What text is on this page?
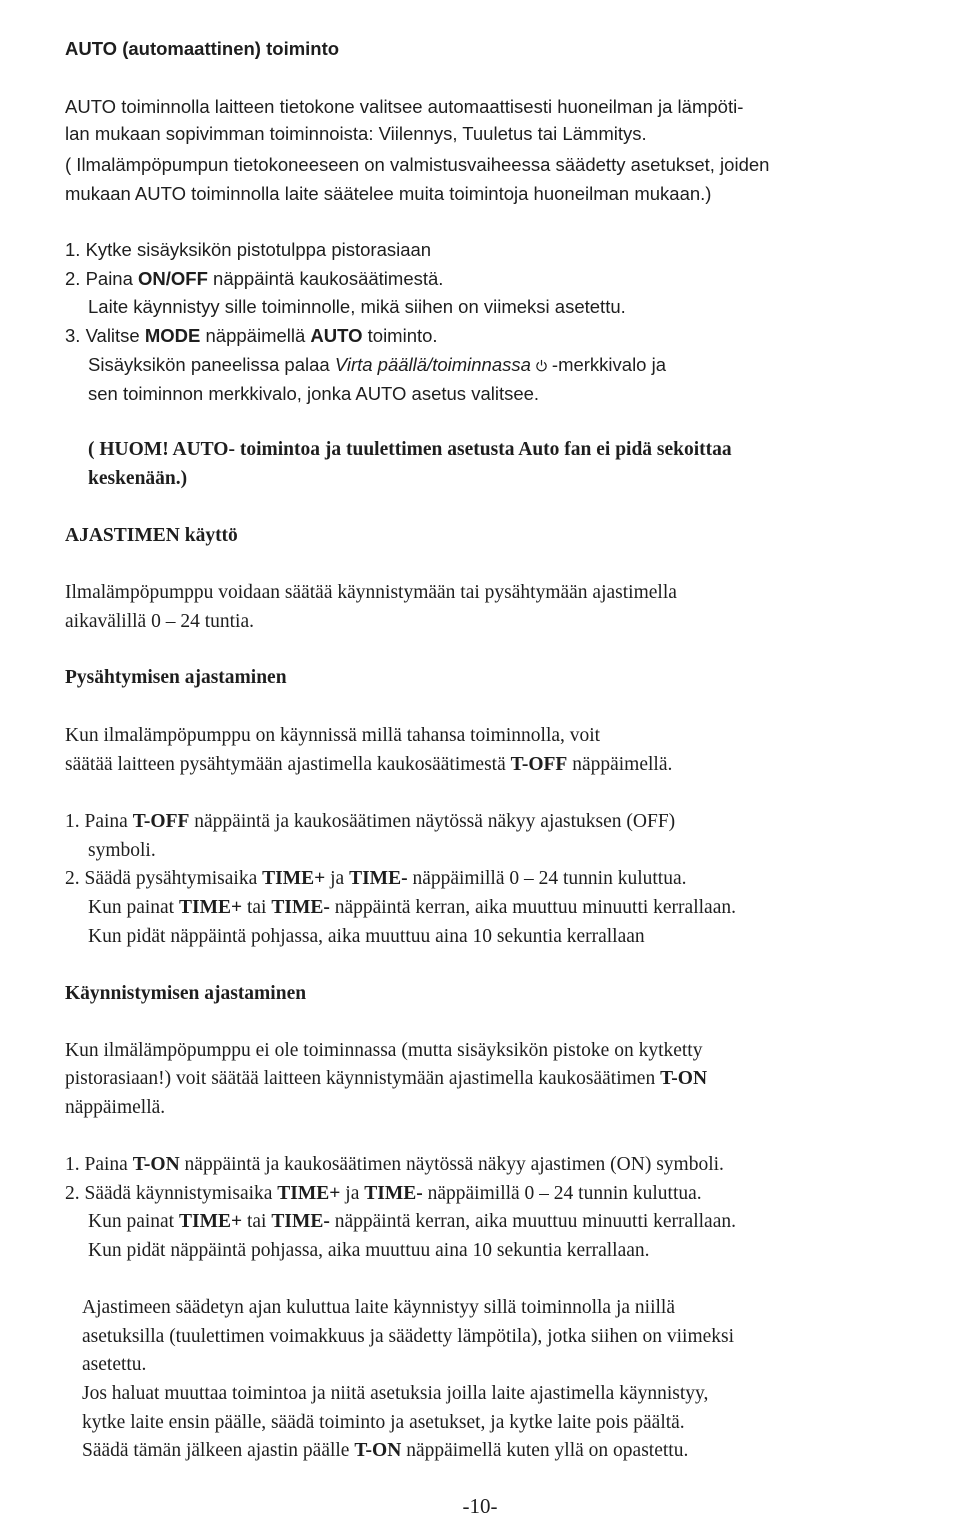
AUTO (automaattinen) toiminto
AUTO toiminnolla laitteen tietokone valitsee automaattisesti huoneilman ja lämpöti-
lan mukaan sopivimman toiminnoista: Viilennys, Tuuletus tai Lämmitys.
( Ilmalämpöpumpun tietokoneeseen on valmistusvaiheessa säädetty asetukset, joiden
mukaan AUTO toiminnolla laite säätelee muita toimintoja huoneilman mukaan.)
1. Kytke sisäyksikön pistotulppa pistorasiaan
2. Paina ON/OFF näppäintä kaukosäätimestä.
Laite käynnistyy sille toiminnolle, mikä siihen on viimeksi asetettu.
3. Valitse MODE näppäimellä AUTO toiminto.
Sisäyksikön paneelissa palaa Virta päällä/toiminnassa -merkkivalo ja
sen toiminnon merkkivalo, jonka AUTO asetus valitsee.
( HUOM! AUTO- toimintoa ja tuulettimen asetusta Auto fan ei pidä sekoittaa
keskenään.)
AJASTIMEN käyttö
Ilmalämpöpumppu voidaan säätää käynnistymään tai pysähtymään ajastimella
aikavälillä 0 – 24 tuntia.
Pysähtymisen ajastaminen
Kun ilmalämpöpumppu on käynnissä millä tahansa toiminnolla, voit
säätää laitteen pysähtymään ajastimella kaukosäätimestä T-OFF näppäimellä.
1. Paina T-OFF näppäintä ja kaukosäätimen näytössä näkyy ajastuksen (OFF)
symboli.
2. Säädä pysähtymisaika TIME+ ja TIME- näppäimillä 0 – 24 tunnin kuluttua.
Kun painat TIME+ tai TIME- näppäintä kerran, aika muuttuu minuutti kerrallaan.
Kun pidät näppäintä pohjassa, aika muuttuu aina 10 sekuntia kerrallaan
Käynnistymisen ajastaminen
Kun ilmälämpöpumppu ei ole toiminnassa (mutta sisäyksikön pistoke on kytketty
pistorasiaan!) voit säätää laitteen käynnistymään ajastimella kaukosäätimen T-ON
näppäimellä.
1. Paina T-ON näppäintä ja kaukosäätimen näytössä näkyy ajastimen (ON) symboli.
2. Säädä käynnistymisaika TIME+ ja TIME- näppäimillä 0 – 24 tunnin kuluttua.
Kun painat TIME+ tai TIME- näppäintä kerran, aika muuttuu minuutti kerrallaan.
Kun pidät näppäintä pohjassa, aika muuttuu aina 10 sekuntia kerrallaan.
Ajastimeen säädetyn ajan kuluttua laite käynnistyy sillä toiminnolla ja niillä
asetuksilla (tuulettimen voimakkuus ja säädetty lämpötila), jotka siihen on viimeksi
asetettu.
Jos haluat muuttaa toimintoa ja niitä asetuksia joilla laite ajastimella käynnistyy,
kytke laite ensin päälle, säädä toiminto ja asetukset, ja kytke laite pois päältä.
Säädä tämän jälkeen ajastin päälle T-ON näppäimellä kuten yllä on opastettu.
-10-
